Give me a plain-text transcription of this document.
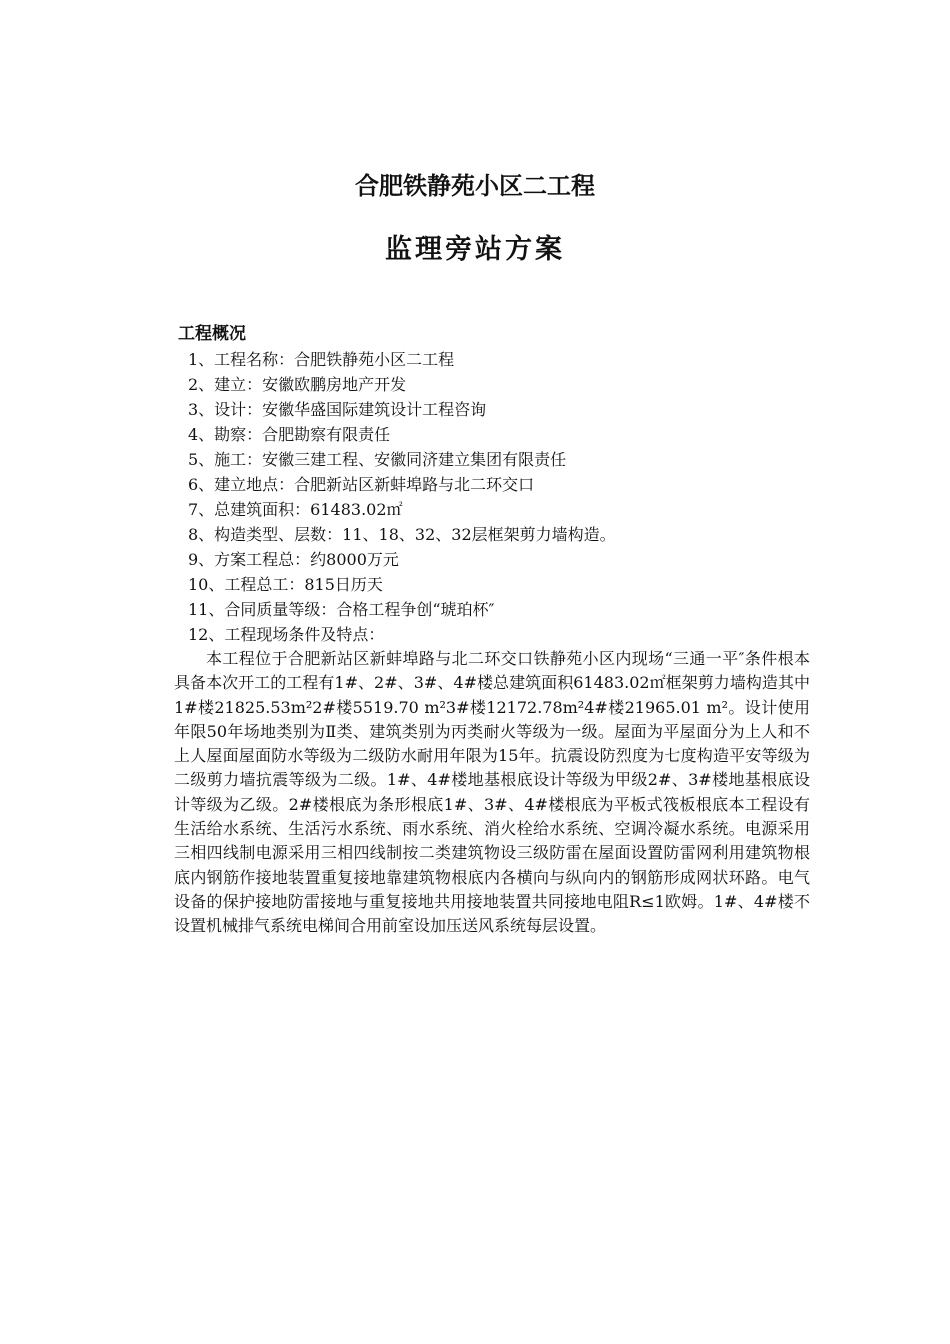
合肥铁静苑小区二工程
监理旁站方案
工程概况
1、工程名称：合肥铁静苑小区二工程
2、建立：安徽欧鹏房地产开发
3、设计：安徽华盛国际建筑设计工程咨询
4、勘察：合肥勘察有限责任
5、施工：安徽三建工程、安徽同济建立集团有限责任
6、建立地点：合肥新站区新蚌埠路与北二环交口
7、总建筑面积：61483.02㎡
8、构造类型、层数：11、18、32、32层框架剪力墙构造。
9、方案工程总：约8000万元
10、工程总工：815日历天
11、合同质量等级：合格工程争创“琥珀杯″
12、工程现场条件及特点：

本工程位于合肥新站区新蚌埠路与北二环交口铁静苑小区内现场“三通一平″条件根本具备本次开工的工程有1#、2#、3#、4#楼总建筑面积61483.02㎡框架剪力墙构造其中1#楼21825.53m²2#楼5519.70 m²3#楼12172.78m²4#楼21965.01 m²。设计使用年限50年场地类别为Ⅱ类、建筑类别为丙类耐火等级为一级。屋面为平屋面分为上人和不上人屋面屋面防水等级为二级防水耐用年限为15年。抗震设防烈度为七度构造平安等级为二级剪力墙抗震等级为二级。1#、4#楼地基根底设计等级为甲级2#、3#楼地基根底设计等级为乙级。2#楼根底为条形根底1#、3#、4#楼根底为平板式筏板根底本工程设有生活给水系统、生活污水系统、雨水系统、消火栓给水系统、空调冷凝水系统。电源采用三相四线制电源采用三相四线制按二类建筑物设三级防雷在屋面设置防雷网利用建筑物根底内钢筋作接地装置重复接地靠建筑物根底内各横向与纵向内的钢筋形成网状环路。电气设备的保护接地防雷接地与重复接地共用接地装置共同接地电阻R≤1欧姆。1#、4#楼不设置机械排气系统电梯间合用前室设加压送风系统每层设置。
